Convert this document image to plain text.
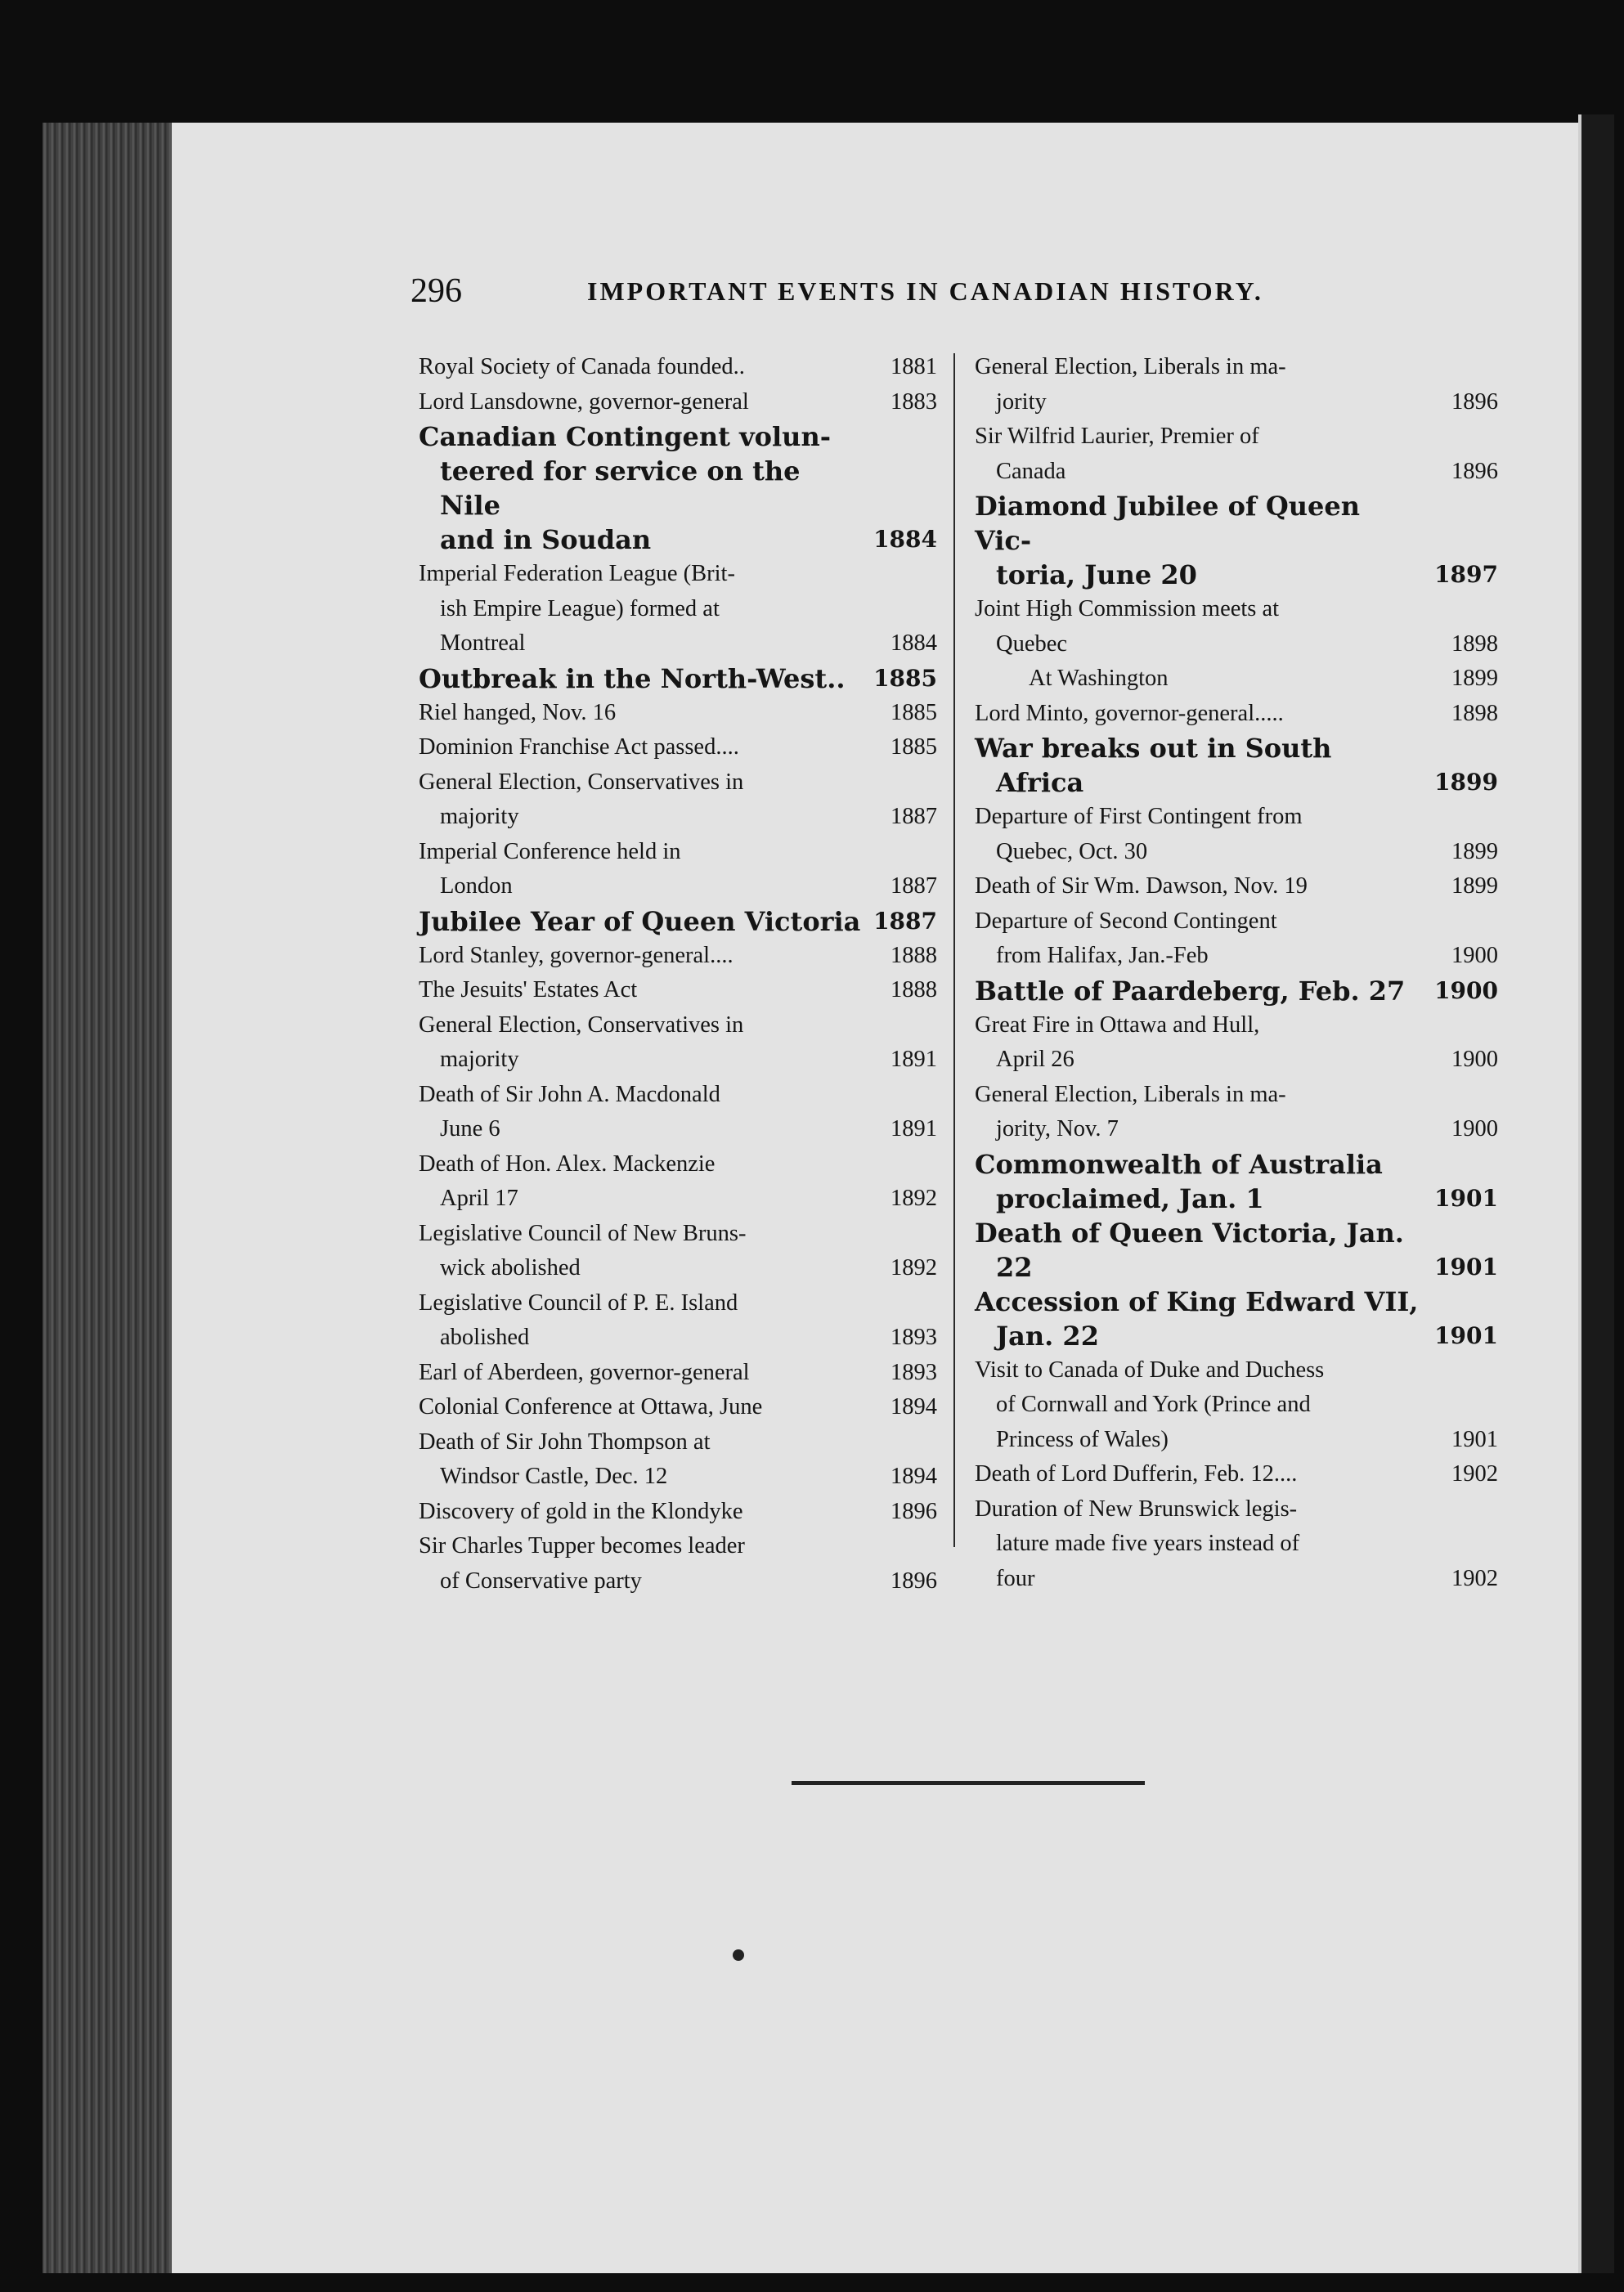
296	IMPORTANT EVENTS IN CANADIAN HISTORY.
Royal Society of Canada founded..	1881
Lord Lansdowne, governor-general	1883
Canadian Contingent volun-
teered for service on the Nile
and in Soudan	1884
Imperial Federation League (Brit-
ish Empire League) formed at
Montreal	1884
Outbreak in the North-West..	1885
Riel hanged, Nov. 16	1885
Dominion Franchise Act passed....	1885
General Election, Conservatives in
majority	1887
Imperial Conference held in
London	1887
Jubilee Year of Queen Victoria 1887
Lord Stanley, governor-general....	1888
The Jesuits' Estates Act	1888
General Election, Conservatives in
majority	1891
Death of Sir John A. Macdonald
June 6	1891
Death of Hon. Alex. Mackenzie
April 17	1892
Legislative Council of New Bruns-
wick abolished	1892
Legislative Council of P. E. Island
abolished	1893
Earl of Aberdeen, governor-general	1893
Colonial Conference at Ottawa, June	1894
Death of Sir John Thompson at
Windsor Castle, Dec. 12	1894
Discovery of gold in the Klondyke	1896
Sir Charles Tupper becomes leader
of Conservative party	1896
General Election, Liberals in ma-
jority	1896
Sir Wilfrid Laurier, Premier of
Canada	1896
Diamond Jubilee of Queen Vic-
toria, June 20	1897
Joint High Commission meets at
Quebec	1898
At Washington	1899
Lord Minto, governor-general.....	1898
War breaks out in South
Africa	1899
Departure of First Contingent from
Quebec, Oct. 30	1899
Death of Sir Wm. Dawson, Nov. 19	1899
Departure of Second Contingent
from Halifax, Jan.-Feb	1900
Battle of Paardeberg, Feb. 27	1900
Great Fire in Ottawa and Hull,
April 26	1900
General Election, Liberals in ma-
jority, Nov. 7	1900
Commonwealth of Australia
proclaimed, Jan. 1	1901
Death of Queen Victoria, Jan.
22	1901
Accession of King Edward VII,
Jan. 22	1901
Visit to Canada of Duke and Duchess
of Cornwall and York (Prince and
Princess of Wales)	1901
Death of Lord Dufferin, Feb. 12....	1902
Duration of New Brunswick legis-
lature made five years instead of
four	1902
